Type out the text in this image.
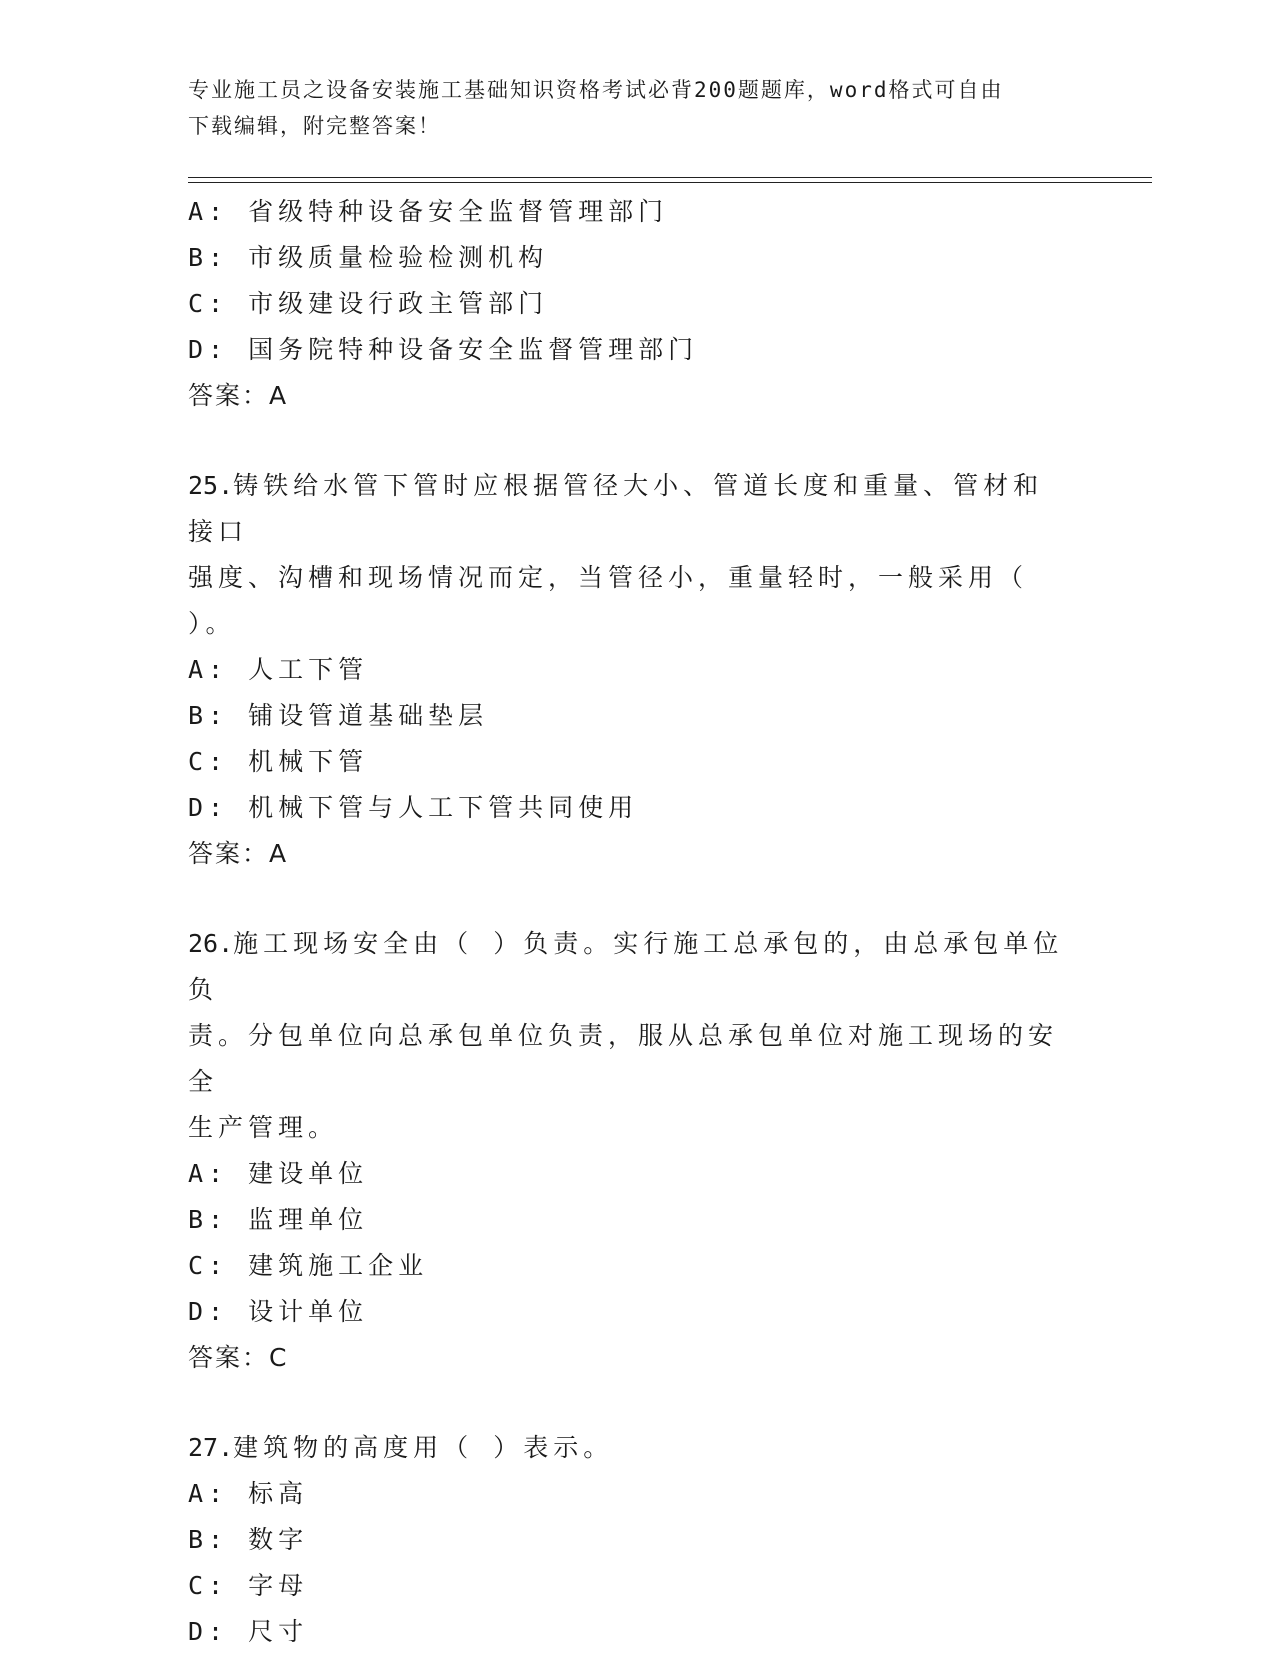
专业施工员之设备安装施工基础知识资格考试必背200题题库，word格式可自由
下载编辑，附完整答案！
A: 省级特种设备安全监督管理部门
B: 市级质量检验检测机构
C: 市级建设行政主管部门
D: 国务院特种设备安全监督管理部门
答案：A
25.铸铁给水管下管时应根据管径大小、管道长度和重量、管材和接口
强度、沟槽和现场情况而定，当管径小，重量轻时，一般采用（ ）。
A: 人工下管
B: 铺设管道基础垫层
C: 机械下管
D: 机械下管与人工下管共同使用
答案：A
26.施工现场安全由（ ）负责。实行施工总承包的，由总承包单位负
责。分包单位向总承包单位负责，服从总承包单位对施工现场的安全
生产管理。
A: 建设单位
B: 监理单位
C: 建筑施工企业
D: 设计单位
答案：C
27.建筑物的高度用（ ）表示。
A: 标高
B: 数字
C: 字母
D: 尺寸
